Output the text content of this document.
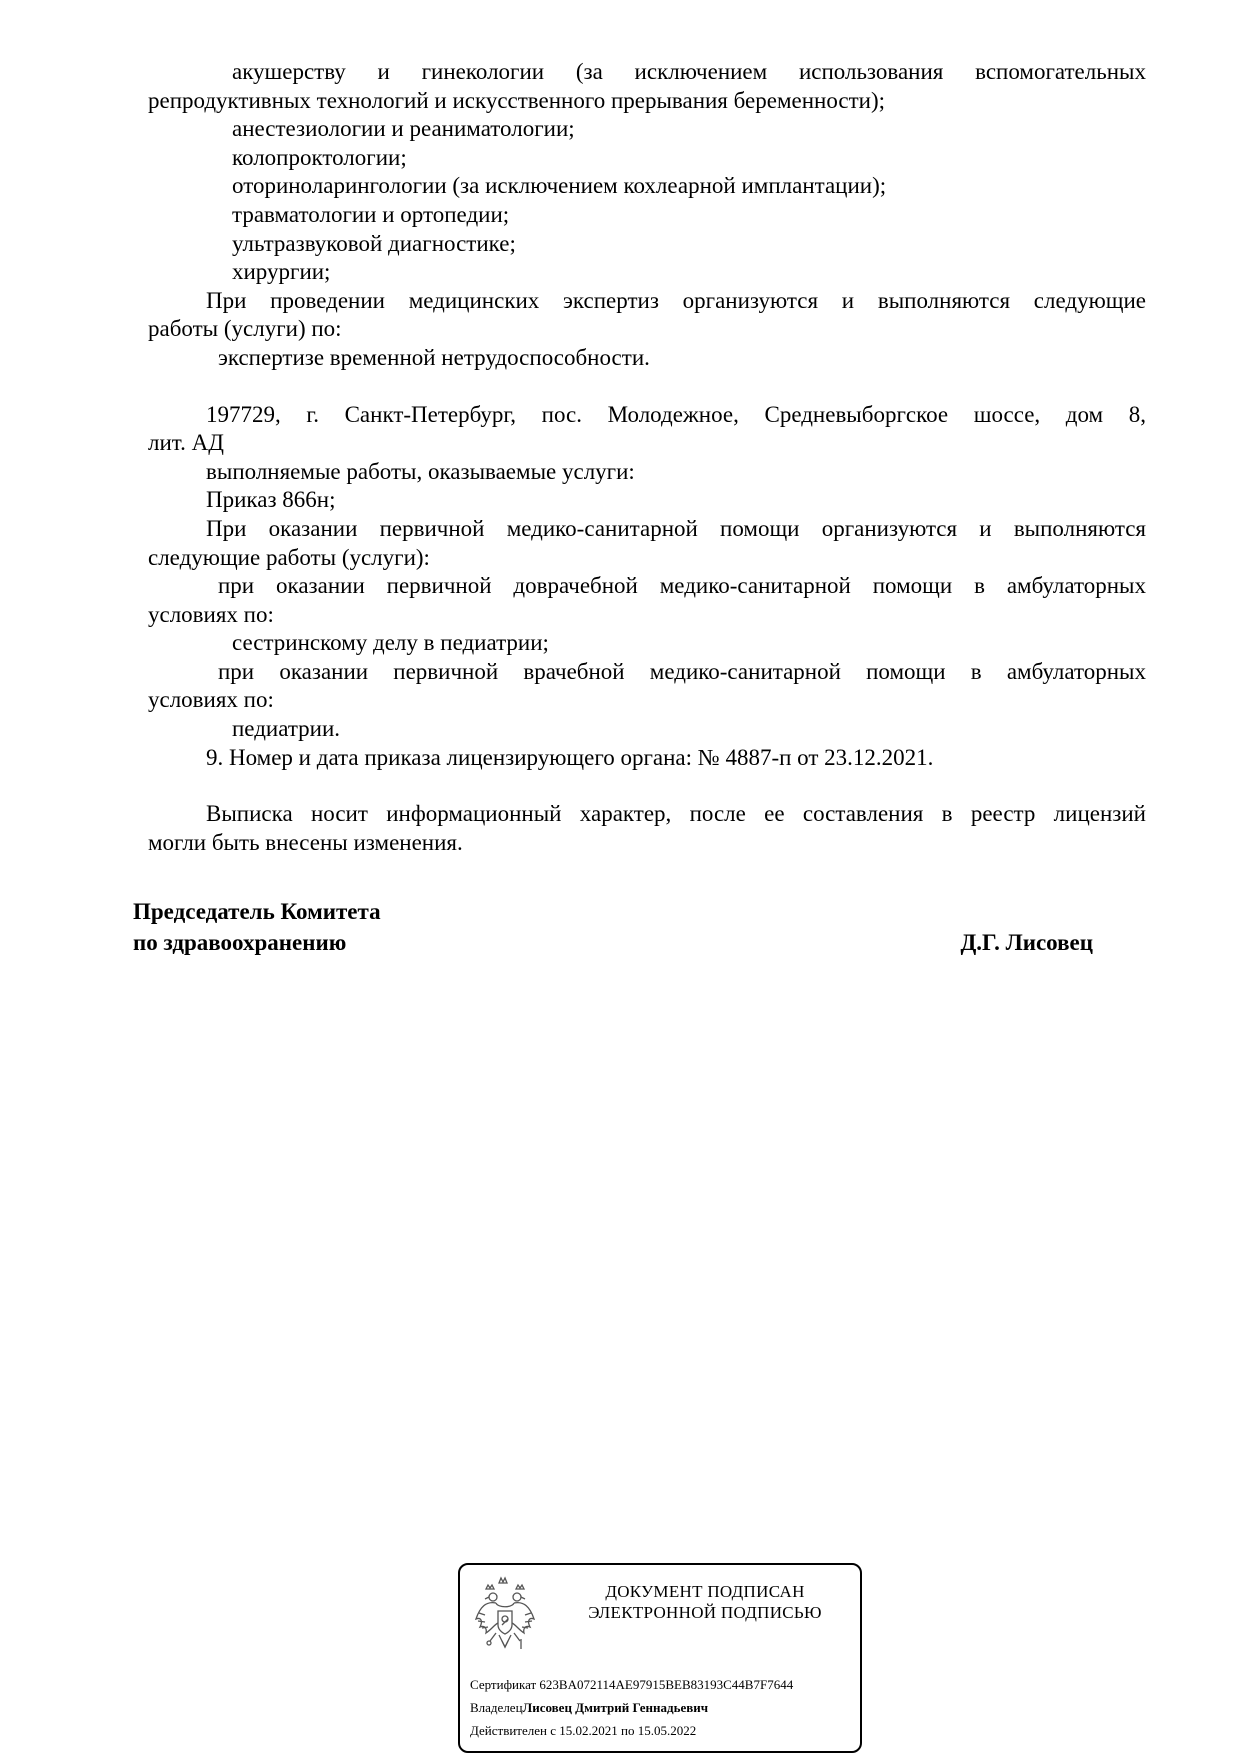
акушерству и гинекологии (за исключением использования вспомогательных
репродуктивных технологий и искусственного прерывания беременности);
анестезиологии и реаниматологии;
колопроктологии;
оториноларингологии (за исключением кохлеарной имплантации);
травматологии и ортопедии;
ультразвуковой диагностике;
хирургии;
При проведении медицинских экспертиз организуются и выполняются следующие
работы (услуги) по:
экспертизе временной нетрудоспособности.
197729, г. Санкт-Петербург, пос. Молодежное, Средневыборгское шоссе, дом 8,
лит. АД
выполняемые работы, оказываемые услуги:
Приказ 866н;
При оказании первичной медико-санитарной помощи организуются и выполняются
следующие работы (услуги):
при оказании первичной доврачебной медико-санитарной помощи в амбулаторных
условиях по:
сестринскому делу в педиатрии;
при оказании первичной врачебной медико-санитарной помощи в амбулаторных
условиях по:
педиатрии.
9. Номер и дата приказа лицензирующего органа: № 4887-п от 23.12.2021.
Выписка носит информационный характер, после ее составления в реестр лицензий
могли быть внесены изменения.
Председатель Комитета
по здравоохранению	Д.Г. Лисовец
ДОКУМЕНТ ПОДПИСАН
ЭЛЕКТРОННОЙ ПОДПИСЬЮ
Сертификат 623BA072114AE97915BEB83193C44B7F7644
ВладелецЛисовец Дмитрий Геннадьевич
Действителен с 15.02.2021 по 15.05.2022
